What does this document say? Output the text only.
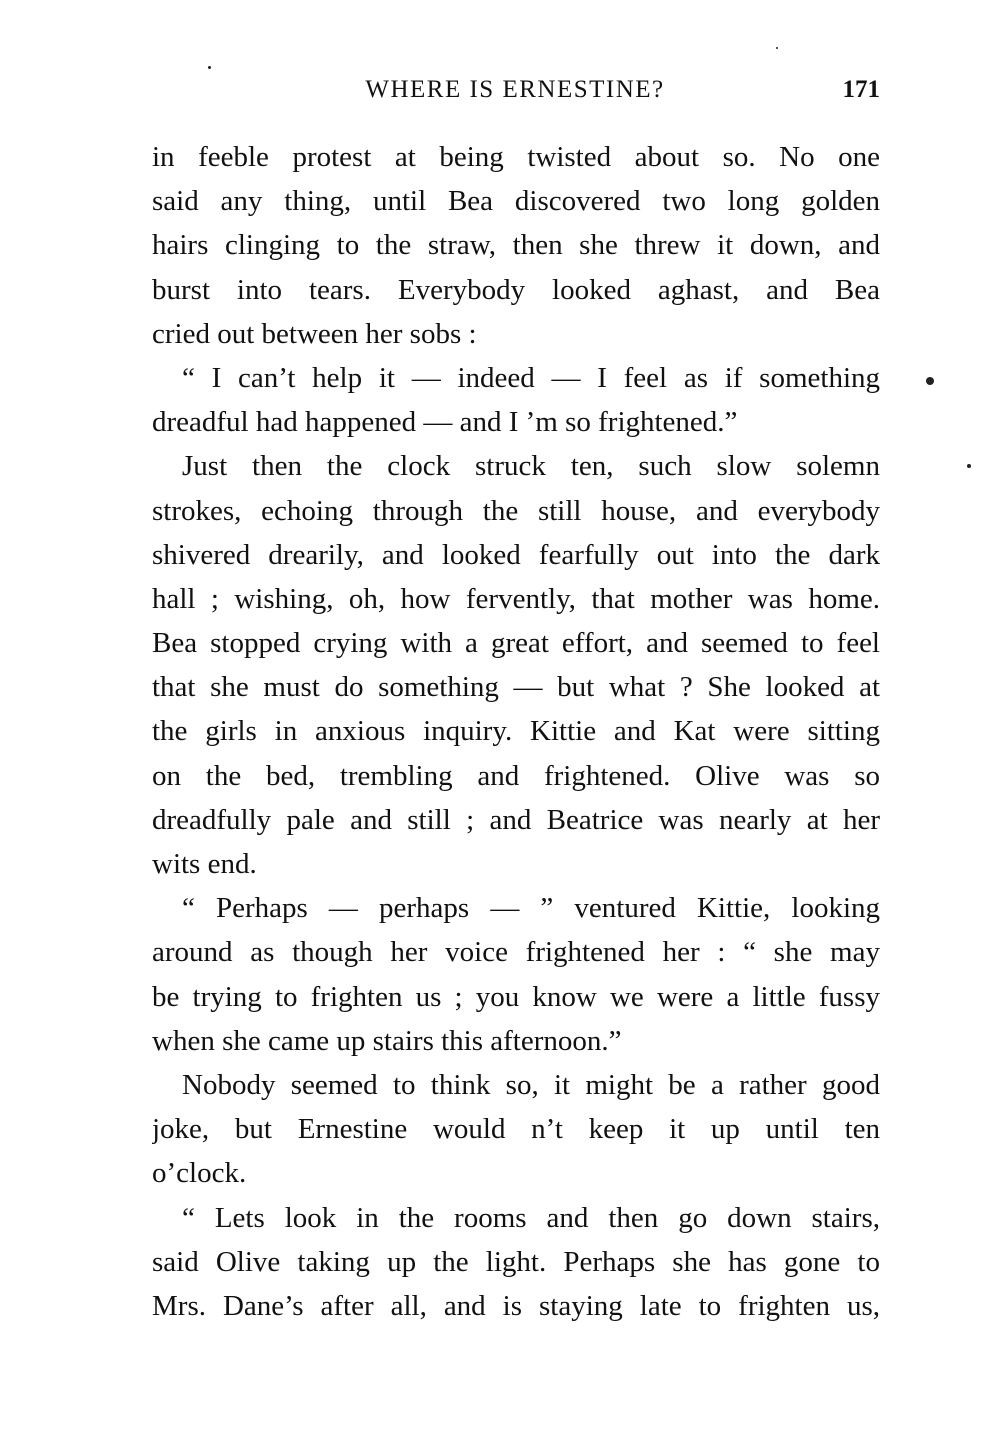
WHERE IS ERNESTINE?	171
in feeble protest at being twisted about so. No one
said any thing, until Bea discovered two long golden
hairs clinging to the straw, then she threw it down, and
burst into tears. Everybody looked aghast, and Bea
cried out between her sobs :
“ I can’t help it — indeed — I feel as if something
dreadful had happened — and I ’m so frightened.”
Just then the clock struck ten, such slow solemn
strokes, echoing through the still house, and everybody
shivered drearily, and looked fearfully out into the dark
hall ; wishing, oh, how fervently, that mother was home.
Bea stopped crying with a great effort, and seemed to feel
that she must do something — but what ? She looked at
the girls in anxious inquiry. Kittie and Kat were sitting
on the bed, trembling and frightened. Olive was so
dreadfully pale and still ; and Beatrice was nearly at her
wits end.
“ Perhaps — perhaps — ” ventured Kittie, looking
around as though her voice frightened her : “ she may
be trying to frighten us ; you know we were a little fussy
when she came up stairs this afternoon.”
Nobody seemed to think so, it might be a rather good
joke, but Ernestine would n’t keep it up until ten
o’clock.
“ Lets look in the rooms and then go down stairs,
said Olive taking up the light. Perhaps she has gone to
Mrs. Dane’s after all, and is staying late to frighten us,
